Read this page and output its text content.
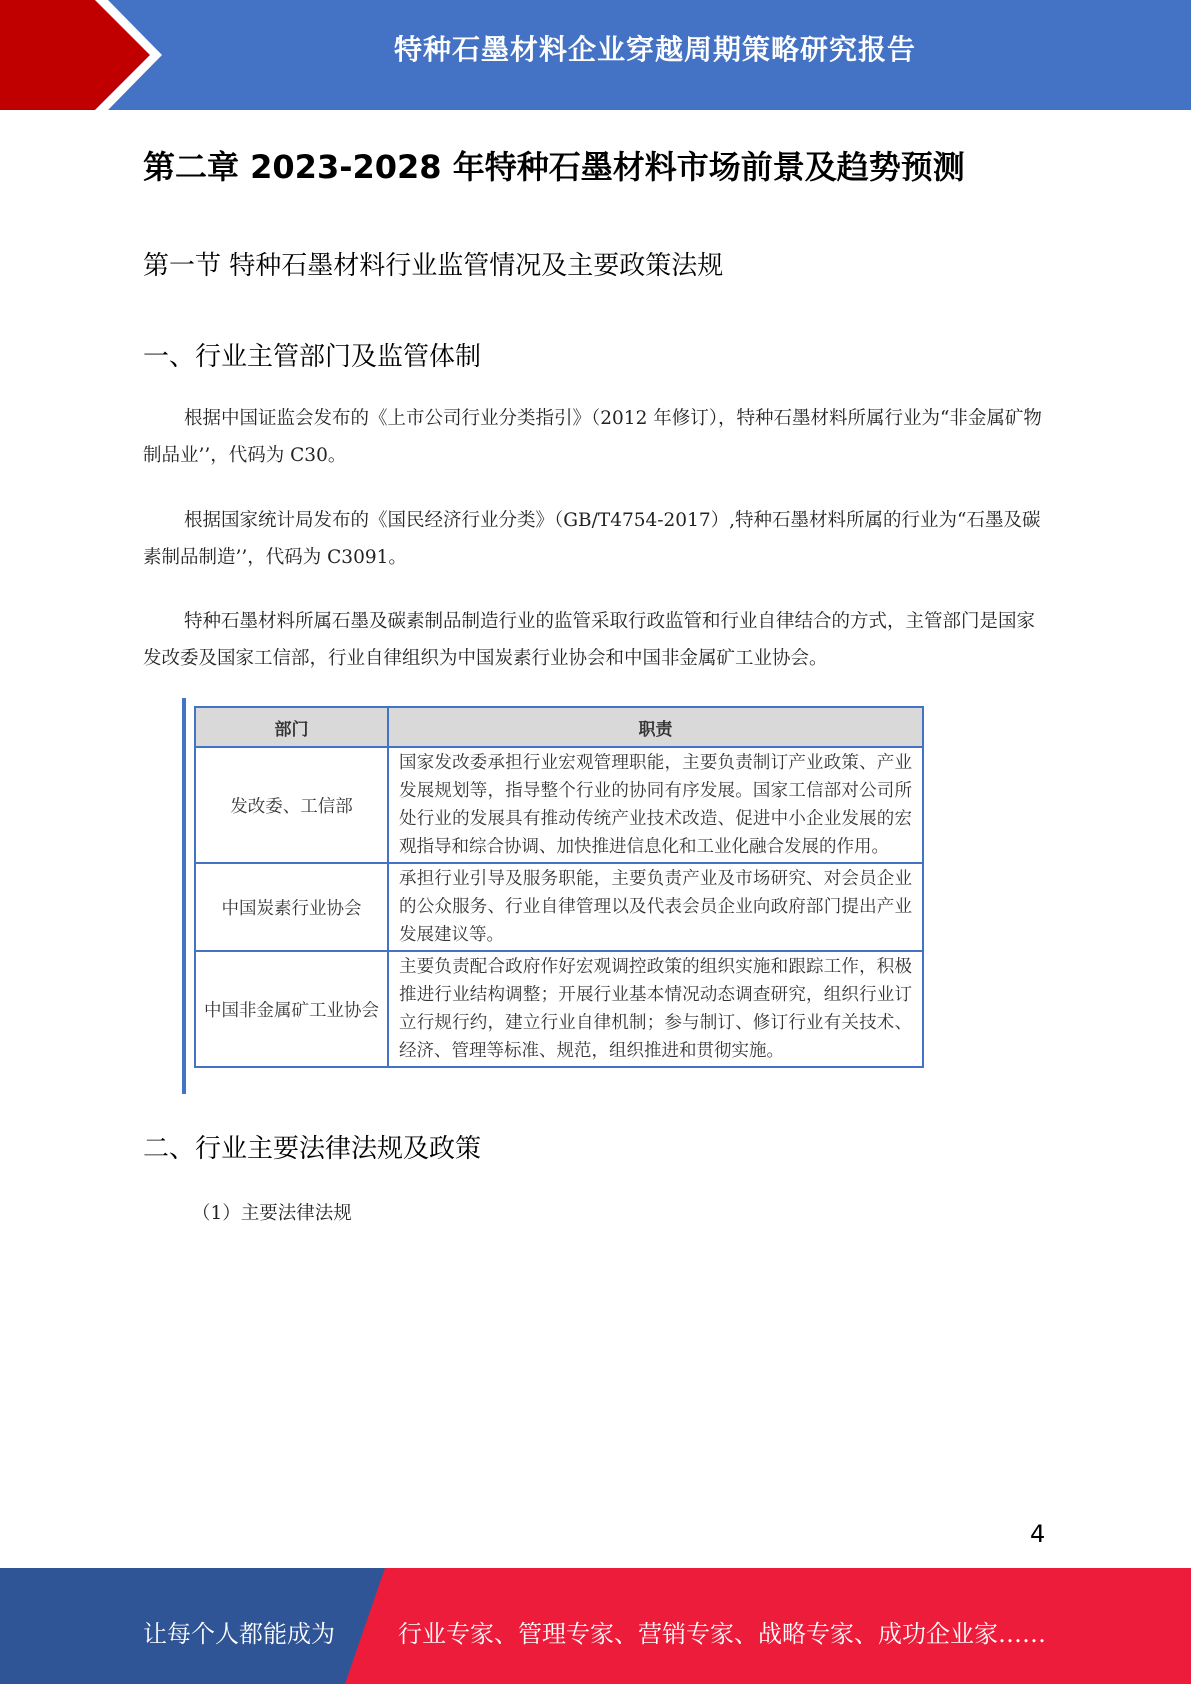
特种石墨材料企业穿越周期策略研究报告
第二章 2023-2028 年特种石墨材料市场前景及趋势预测
第一节 特种石墨材料行业监管情况及主要政策法规
一、行业主管部门及监管体制
根据中国证监会发布的《上市公司行业分类指引》（2012 年修订），特种石墨材料所属行业为“非金属矿物制品业’’，代码为 C30。
根据国家统计局发布的《国民经济行业分类》（GB/T4754-2017）,特种石墨材料所属的行业为“石墨及碳素制品制造’’，代码为 C3091。
特种石墨材料所属石墨及碳素制品制造行业的监管采取行政监管和行业自律结合的方式，主管部门是国家发改委及国家工信部，行业自律组织为中国炭素行业协会和中国非金属矿工业协会。
部门	职责
发改委、工信部	国家发改委承担行业宏观管理职能，主要负责制订产业政策、产业发展规划等，指导整个行业的协同有序发展。国家工信部对公司所处行业的发展具有推动传统产业技术改造、促进中小企业发展的宏观指导和综合协调、加快推进信息化和工业化融合发展的作用。
中国炭素行业协会	承担行业引导及服务职能，主要负责产业及市场研究、对会员企业的公众服务、行业自律管理以及代表会员企业向政府部门提出产业发展建议等。
中国非金属矿工业协会	主要负责配合政府作好宏观调控政策的组织实施和跟踪工作，积极推进行业结构调整；开展行业基本情况动态调查研究，组织行业订立行规行约，建立行业自律机制；参与制订、修订行业有关技术、经济、管理等标准、规范，组织推进和贯彻实施。
二、行业主要法律法规及政策
（1）主要法律法规
4
让每个人都能成为	行业专家、管理专家、营销专家、战略专家、成功企业家……
